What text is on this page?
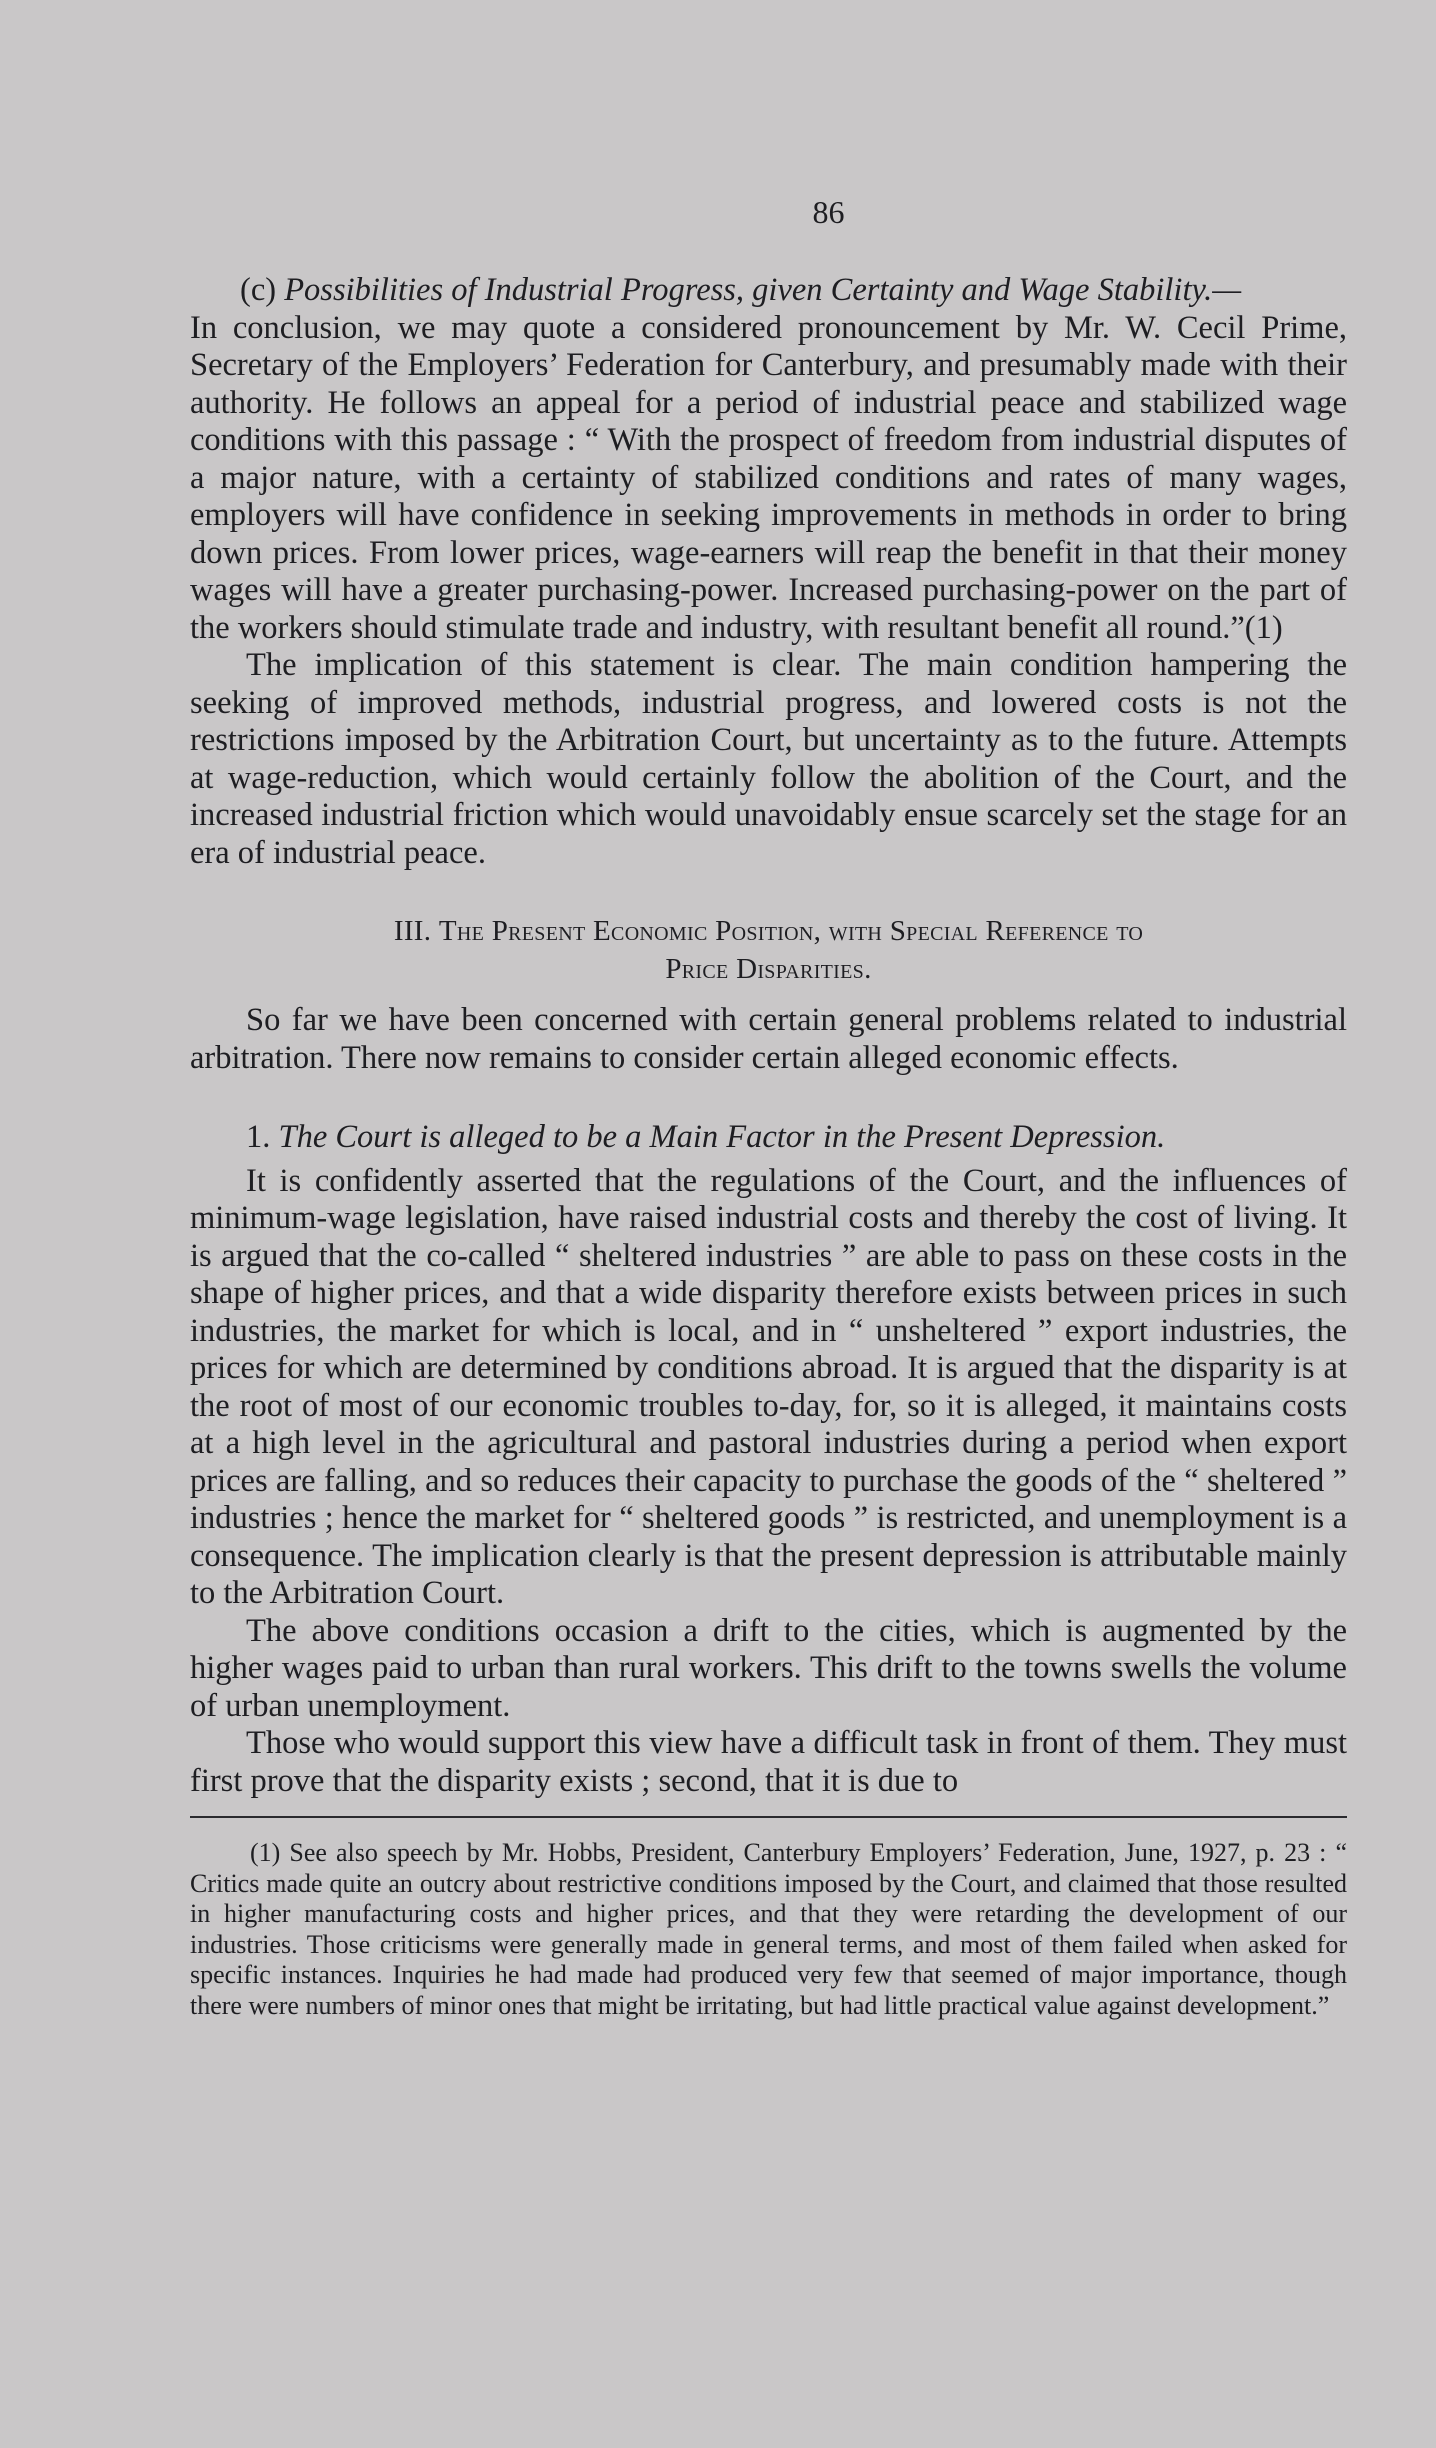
86
(c) Possibilities of Industrial Progress, given Certainty and Wage Stability.—

In conclusion, we may quote a considered pronouncement by Mr. W. Cecil Prime, Secretary of the Employers’ Federation for Canterbury, and presumably made with their authority. He follows an appeal for a period of industrial peace and stabilized wage conditions with this passage : “ With the prospect of freedom from industrial disputes of a major nature, with a certainty of stabilized conditions and rates of many wages, employers will have confidence in seeking improvements in methods in order to bring down prices. From lower prices, wage-earners will reap the benefit in that their money wages will have a greater purchasing-power. Increased purchasing-power on the part of the workers should stimulate trade and industry, with resultant benefit all round.”(1)

The implication of this statement is clear. The main condition hampering the seeking of improved methods, industrial progress, and lowered costs is not the restrictions imposed by the Arbitration Court, but uncertainty as to the future. Attempts at wage-reduction, which would certainly follow the abolition of the Court, and the increased industrial friction which would unavoidably ensue scarcely set the stage for an era of industrial peace.

III. The Present Economic Position, with Special Reference to
Price Disparities.

So far we have been concerned with certain general problems related to industrial arbitration. There now remains to consider certain alleged economic effects.

1. The Court is alleged to be a Main Factor in the Present Depression.

It is confidently asserted that the regulations of the Court, and the influences of minimum-wage legislation, have raised industrial costs and thereby the cost of living. It is argued that the co-called “ sheltered industries ” are able to pass on these costs in the shape of higher prices, and that a wide disparity therefore exists between prices in such industries, the market for which is local, and in “ unsheltered ” export industries, the prices for which are determined by conditions abroad. It is argued that the disparity is at the root of most of our economic troubles to-day, for, so it is alleged, it maintains costs at a high level in the agricultural and pastoral industries during a period when export prices are falling, and so reduces their capacity to purchase the goods of the “ sheltered ” industries ; hence the market for “ sheltered goods ” is restricted, and unemployment is a consequence. The implication clearly is that the present depression is attributable mainly to the Arbitration Court.

The above conditions occasion a drift to the cities, which is augmented by the higher wages paid to urban than rural workers. This drift to the towns swells the volume of urban unemployment.

Those who would support this view have a difficult task in front of them. They must first prove that the disparity exists ; second, that it is due to

(1) See also speech by Mr. Hobbs, President, Canterbury Employers’ Federation, June, 1927, p. 23 : “ Critics made quite an outcry about restrictive conditions imposed by the Court, and claimed that those resulted in higher manufacturing costs and higher prices, and that they were retarding the development of our industries. Those criticisms were generally made in general terms, and most of them failed when asked for specific instances. Inquiries he had made had produced very few that seemed of major importance, though there were numbers of minor ones that might be irritating, but had little practical value against development.”
